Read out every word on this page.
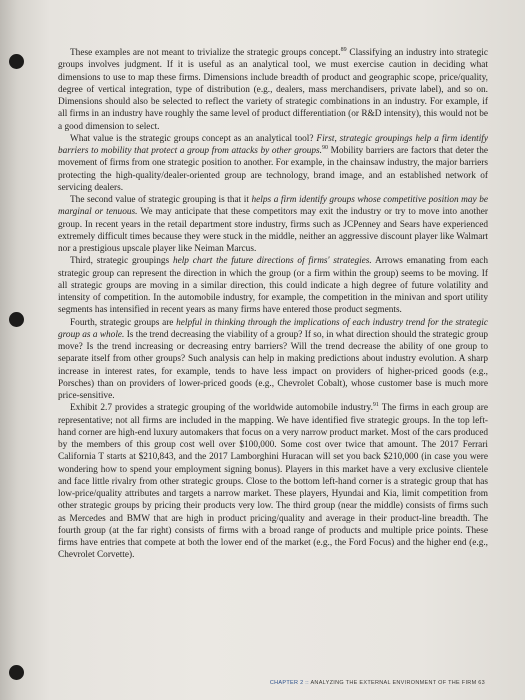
These examples are not meant to trivialize the strategic groups concept.$^{89}$ Classifying an industry into strategic groups involves judgment. If it is useful as an analytical tool, we must exercise caution in deciding what dimensions to use to map these firms. Dimensions include breadth of product and geographic scope, price/quality, degree of vertical integration, type of distribution (e.g., dealers, mass merchandisers, private label), and so on. Dimensions should also be selected to reflect the variety of strategic combinations in an industry. For example, if all firms in an industry have roughly the same level of product differentiation (or R&D intensity), this would not be a good dimension to select.

What value is the strategic groups concept as an analytical tool? First, strategic groupings help a firm identify barriers to mobility that protect a group from attacks by other groups.$^{90}$ Mobility barriers are factors that deter the movement of firms from one strategic position to another. For example, in the chainsaw industry, the major barriers protecting the high-quality/dealer-oriented group are technology, brand image, and an established network of servicing dealers.

The second value of strategic grouping is that it helps a firm identify groups whose competitive position may be marginal or tenuous. We may anticipate that these competitors may exit the industry or try to move into another group. In recent years in the retail department store industry, firms such as JCPenney and Sears have experienced extremely difficult times because they were stuck in the middle, neither an aggressive discount player like Walmart nor a prestigious upscale player like Neiman Marcus.

Third, strategic groupings help chart the future directions of firms' strategies. Arrows emanating from each strategic group can represent the direction in which the group (or a firm within the group) seems to be moving. If all strategic groups are moving in a similar direction, this could indicate a high degree of future volatility and intensity of competition. In the automobile industry, for example, the competition in the minivan and sport utility segments has intensified in recent years as many firms have entered those product segments.

Fourth, strategic groups are helpful in thinking through the implications of each industry trend for the strategic group as a whole. Is the trend decreasing the viability of a group? If so, in what direction should the strategic group move? Is the trend increasing or decreasing entry barriers? Will the trend decrease the ability of one group to separate itself from other groups? Such analysis can help in making predictions about industry evolution. A sharp increase in interest rates, for example, tends to have less impact on providers of higher-priced goods (e.g., Porsches) than on providers of lower-priced goods (e.g., Chevrolet Cobalt), whose customer base is much more price-sensitive.

Exhibit 2.7 provides a strategic grouping of the worldwide automobile industry.$^{91}$ The firms in each group are representative; not all firms are included in the mapping. We have identified five strategic groups. In the top left-hand corner are high-end luxury automakers that focus on a very narrow product market. Most of the cars produced by the members of this group cost well over $100,000. Some cost over twice that amount. The 2017 Ferrari California T starts at $210,843, and the 2017 Lamborghini Huracan will set you back $210,000 (in case you were wondering how to spend your employment signing bonus). Players in this market have a very exclusive clientele and face little rivalry from other strategic groups. Close to the bottom left-hand corner is a strategic group that has low-price/quality attributes and targets a narrow market. These players, Hyundai and Kia, limit competition from other strategic groups by pricing their products very low. The third group (near the middle) consists of firms such as Mercedes and BMW that are high in product pricing/quality and average in their product-line breadth. The fourth group (at the far right) consists of firms with a broad range of products and multiple price points. These firms have entries that compete at both the lower end of the market (e.g., the Ford Focus) and the higher end (e.g., Chevrolet Corvette).

CHAPTER 2 :: ANALYZING THE EXTERNAL ENVIRONMENT OF THE FIRM 63
